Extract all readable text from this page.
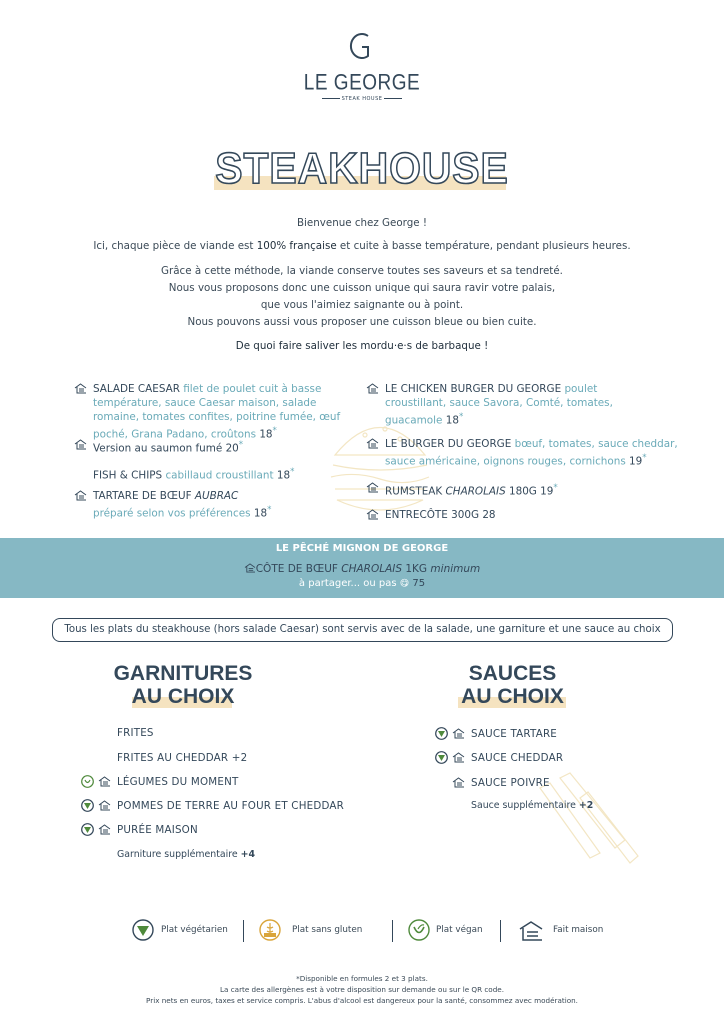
LE GEORGE
STEAK HOUSE
STEAKHOUSE
Bienvenue chez George !
Ici, chaque pièce de viande est 100% française et cuite à basse température, pendant plusieurs heures.
Grâce à cette méthode, la viande conserve toutes ses saveurs et sa tendreté.
Nous vous proposons donc une cuisson unique qui saura ravir votre palais,
que vous l'aimiez saignante ou à point.
Nous pouvons aussi vous proposer une cuisson bleue ou bien cuite.
De quoi faire saliver les mordu·e·s de barbaque !
SALADE CAESAR filet de poulet cuit à basse
température, sauce Caesar maison, salade
romaine, tomates confites, poitrine fumée, œuf
poché, Grana Padano, croûtons 18*
Version au saumon fumé 20*
FISH & CHIPS cabillaud croustillant 18*
TARTARE DE BŒUF AUBRAC
préparé selon vos préférences 18*
LE CHICKEN BURGER DU GEORGE poulet
croustillant, sauce Savora, Comté, tomates,
guacamole 18*
LE BURGER DU GEORGE bœuf, tomates, sauce cheddar,
sauce américaine, oignons rouges, cornichons 19*
RUMSTEAK CHAROLAIS 180G 19*
ENTRECÔTE 300G 28
LE PÊCHÉ MIGNON DE GEORGE
CÔTE DE BŒUF CHAROLAIS 1KG minimum
à partager... ou pas 😋 75
Tous les plats du steakhouse (hors salade Caesar) sont servis avec de la salade, une garniture et une sauce au choix
GARNITURES
AU CHOIX
FRITES
FRITES AU CHEDDAR +2
LÉGUMES DU MOMENT
POMMES DE TERRE AU FOUR ET CHEDDAR
PURÉE MAISON
Garniture supplémentaire +4
SAUCES
AU CHOIX
SAUCE TARTARE
SAUCE CHEDDAR
SAUCE POIVRE
Sauce supplémentaire +2
Plat végétarien	Plat sans gluten	Plat végan	Fait maison
*Disponible en formules 2 et 3 plats.
La carte des allergènes est à votre disposition sur demande ou sur le QR code.
Prix nets en euros, taxes et service compris. L'abus d'alcool est dangereux pour la santé, consommez avec modération.
